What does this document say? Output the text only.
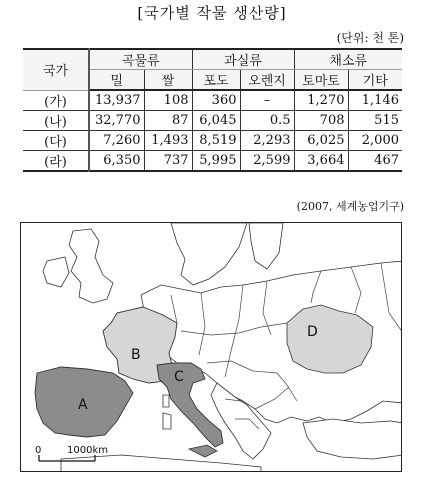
[국가별 작물 생산량]
(단위: 천 톤)
국가	곡물류		과실류		채소류	
	밀	쌀	포도	오렌지	토마토	기타
(가)	13,937	108	360	–	1,270	1,146
(나)	32,770	87	6,045	0.5	708	515
(다)	7,260	1,493	8,519	2,293	6,025	2,000
(라)	6,350	737	5,995	2,599	3,664	467
(2007, 세계농업기구)
A
B
C
D
0	1000km
